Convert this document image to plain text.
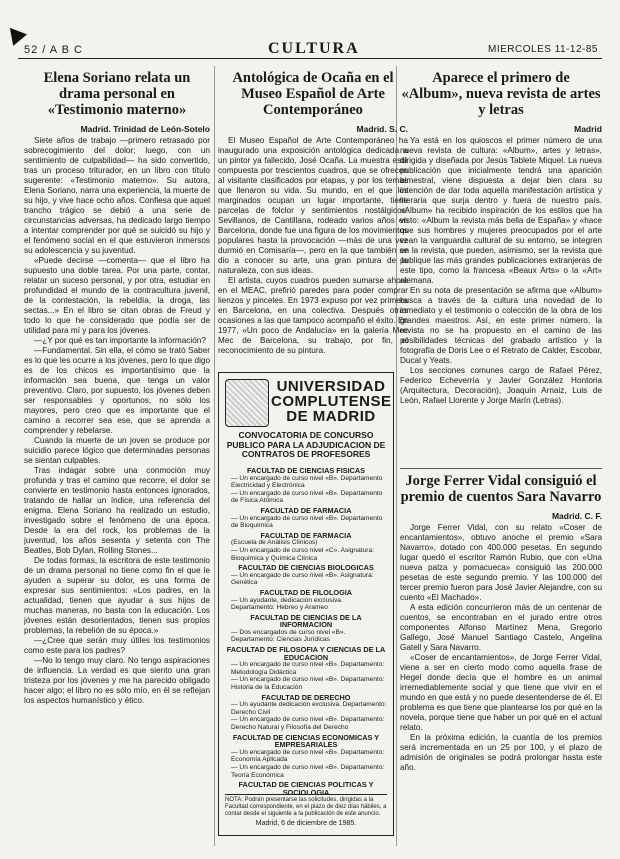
52 / A B C	CULTURA	MIERCOLES 11-12-85
Elena Soriano relata un drama personal en «Testimonio materno»
Madrid. Trinidad de León-Sotelo

Siete años de trabajo —primero retrasado por sobrecogimiento del dolor; luego, con un sentimiento de culpabilidad— ha sido convertido, tras un proceso triturador, en un libro con título sugerente: «Testimonio materno». Su autora, Elena Soriano, narra una experiencia, la muerte de su hijo, y vive hace ocho años. Confiesa que aquel trancho trágico se debió a una serie de circunstancias adversas, ha dedicado largo tiempo a intentar comprender por qué se suicidó su hijo y el fenómeno social en el que estuvieron inmersos su adolescencia y su juventud.

«Puede decirse —comenta— que el libro ha supuesto una doble tarea. Por una parte, contar, relatar un suceso personal, y por otra, estudiar en profundidad el mundo de la contracultura juvenil, de la contestación, la rebeldía, la droga, las sectas...» En el libro se citan obras de Freud y todo lo que he considerado que podía ser de utilidad para mí y para los jóvenes.

—¿Y por qué es tan importante la información?

—Fundamental. Sin ella, el cómo se trató Saber es lo que les ocurre a los jóvenes, pero lo que digo es de los chicos es importantísimo que la información sea buena, que tenga un valor preventivo. Claro, por supuesto, los jóvenes deben ser responsables y oportunos, no sólo los mayores, pero creo que es importante que el camino a recorrer sea ese, que se aprenda a comprender y rebelarse.

Cuando la muerte de un joven se produce por suicidio parece lógico que determinadas personas se sientan culpables.

Tras indagar sobre una conmoción muy profunda y tras el camino que recorre, el dolor se convierte en testimonio hasta entonces ignorados, tratando de hallar un índice, una referencia del enigma. Elena Soriano ha realizado un estudio, investigado sobre el fenómeno de una época. Desde la era del rock, los problemas de la juventud, los años sesenta y setenta con The Beatles, Bob Dylan, Rolling Stones...

De todas formas, la escritora de este testimonio de un drama personal no tiene como fin el que le ayuden a superar su dolor, es una forma de expresar sus sentimientos: «Los padres, en la actualidad, tienen que ayudar a sus hijos de muchas maneras, no basta con la educación. Los jóvenes están desorientados, tienen sus propios problemas, la rebelión de su época.»

—¿Cree que serán muy útiles los testimonios como este para los padres?

—No lo tengo muy claro. No tengo aspiraciones de influencia. La verdad es que siento una gran tristeza por los jóvenes y me ha parecido obligado hacer algo; el libro no es sólo mío, en él se reflejan los aspectos humanístico y ético.

Antológica de Ocaña en el Museo Español de Arte Contemporáneo
Madrid. S. C.

El Museo Español de Arte Contemporáneo ha inaugurado una exposición antológica dedicada a un pintor ya fallecido, José Ocaña. La muestra está compuesta por trescientos cuadros, que se ofrecen al visitante clasificados por etapas, y por los temas que llenaron su vida. Su mundo, en el que los marginados ocupan un lugar importante, tiene parcelas de folclor y sentimientos nostálgicos. Sevillanos, de Cantillana, rodeado varios años en Barcelona, donde fue una figura de los movimientos populares hasta la provocación —más de una vez durmió en Comisaría—, pero en la que también se dio a conocer su arte, una gran pintura de la naturaleza, con sus ideas.

El artista, cuyos cuadros pueden sumarse ahora en el MEAC, prefirió paredes para poder comprar lienzos y pinceles. En 1973 expuso por vez primera en Barcelona, en una colectiva. Después otras ocasiones a las que tampoco acompañó el éxito. En 1977, «Un poco de Andalucía» en la galería Mec Mec de Barcelona, su trabajo, por fin, el reconocimiento de su pintura.

UNIVERSIDAD
COMPLUTENSE
DE MADRID
CONVOCATORIA DE CONCURSO PUBLICO PARA LA ADJUDICACION DE CONTRATOS DE PROFESORES
FACULTAD DE CIENCIAS FISICAS
— Un encargado de curso nivel «B». Departamento Electricidad y Electrónica
— Un encargado de curso nivel «B». Departamento de Física Atómica
FACULTAD DE FARMACIA
— Un encargado de curso nivel «B». Departamento de Bioquímica
FACULTAD DE FARMACIA
(Escuela de Análisis Clínicos)
— Un encargado de curso nivel «C». Asignatura: Bioquímica y Química Clínica
FACULTAD DE CIENCIAS BIOLOGICAS
— Un encargado de curso nivel «B». Asignatura: Genética
FACULTAD DE FILOLOGIA
— Un ayudante, dedicación exclusiva. Departamento: Hebreo y Arameo
FACULTAD DE CIENCIAS DE LA INFORMACION
— Dos encargados de curso nivel «B». Departamento: Ciencias Jurídicas
FACULTAD DE FILOSOFIA Y CIENCIAS DE LA EDUCACION
— Un encargado de curso nivel «B». Departamento: Metodología Didáctica
— Un encargado de curso nivel «B». Departamento: Historia de la Educación
FACULTAD DE DERECHO
— Un ayudante dedicación exclusiva. Departamento: Derecho Civil
— Un encargado de curso nivel «B». Departamento: Derecho Natural y Filosofía del Derecho
FACULTAD DE CIENCIAS ECONOMICAS Y EMPRESARIALES
— Un encargado de curso nivel «B». Departamento: Economía Aplicada
— Un encargado de curso nivel «B». Departamento: Teoría Económica
FACULTAD DE CIENCIAS POLITICAS Y SOCIOLOGIA
NOTA: Podrán presentarse las solicitudes, dirigidas a la Facultad correspondiente, en el plazo de diez días hábiles, a contar desde el siguiente a la publicación de este anuncio.
Madrid, 6 de diciembre de 1985.
Aparece el primero de «Album», nueva revista de artes y letras
Madrid

Ya está en los quioscos el primer número de una nueva revista de cultura: «Album», artes y letras», dirigida y diseñada por Jesús Tablete Miquel. La nueva publicación que inicialmente tendrá una aparición bimestral, viene dispuesta a dejar bien clara su intención de dar toda aquella manifestación artística y literaria que surja dentro y fuera de nuestro país. «Album» ha recibido inspiración de los estilos que ha visto: «Album la revista más bella de España» y «hace que sus hombres y mujeres preocupados por el arte vean la vanguardia cultural de su entorno, se integren en la revista, que pueden, asimismo, ser la revista que publique las más grandes publicaciones extranjeras de este tipo, como la francesa «Beaux Arts» o la «Art» alemana.

En su nota de presentación se afirma que «Album» busca a través de la cultura una novedad de lo inmediato y el testimonio o colección de la obra de los grandes maestros. Así, en este primer número, la revista no se ha propuesto en el camino de las posibilidades técnicas del grabado artístico y la fotografía de Doris Lee o el Retrato de Calder, Escobar, Ducal y Yeats.

Los secciones comunes cargo de Rafael Pérez, Federico Echeverría y Javier González Hontoria (Arquitectura, Decoración), Joaquín Arnaiz, Luis de León, Rafael Llorente y Jorge Marín (Letras).

Jorge Ferrer Vidal consiguió el premio de cuentos Sara Navarro
Madrid. C. F.

Jorge Ferrer Vidal, con su relato «Coser de encantamientos», obtuvo anoche el premio «Sara Navarro», dotado con 400.000 pesetas. En segundo lugar quedó el escritor Ramón Rubio, que con «Una nueva palza y pornacueca» consiguió las 200.000 pesetas de este segundo premio. Y las 100.000 del tercer premio fueron para José Javier Alejandre, con su cuento «El Machado».

A esta edición concurrieron más de un centenar de cuentos, se encontraban en el jurado entre otros componentes Alfonso Martínez Mena, Gregorio Gallego, José Manuel Santiago Castelo, Angelina Gatell y Sara Navarro.

«Coser de encantamientos», de Jorge Ferrer Vidal, viene a ser en cierto modo como aquella frase de Hegel donde decía que el hombre es un animal irremediablemente social y que tiene que vivir en el mundo en que está y no puede desentenderse de él. El problema es que tiene que plantearse los por qué en la novela, porque tiene que haber un por qué en el actual relato.

En la próxima edición, la cuantía de los premios será incrementada en un 25 por 100, y el plazo de admisión de originales se podrá prolongar hasta este año.
